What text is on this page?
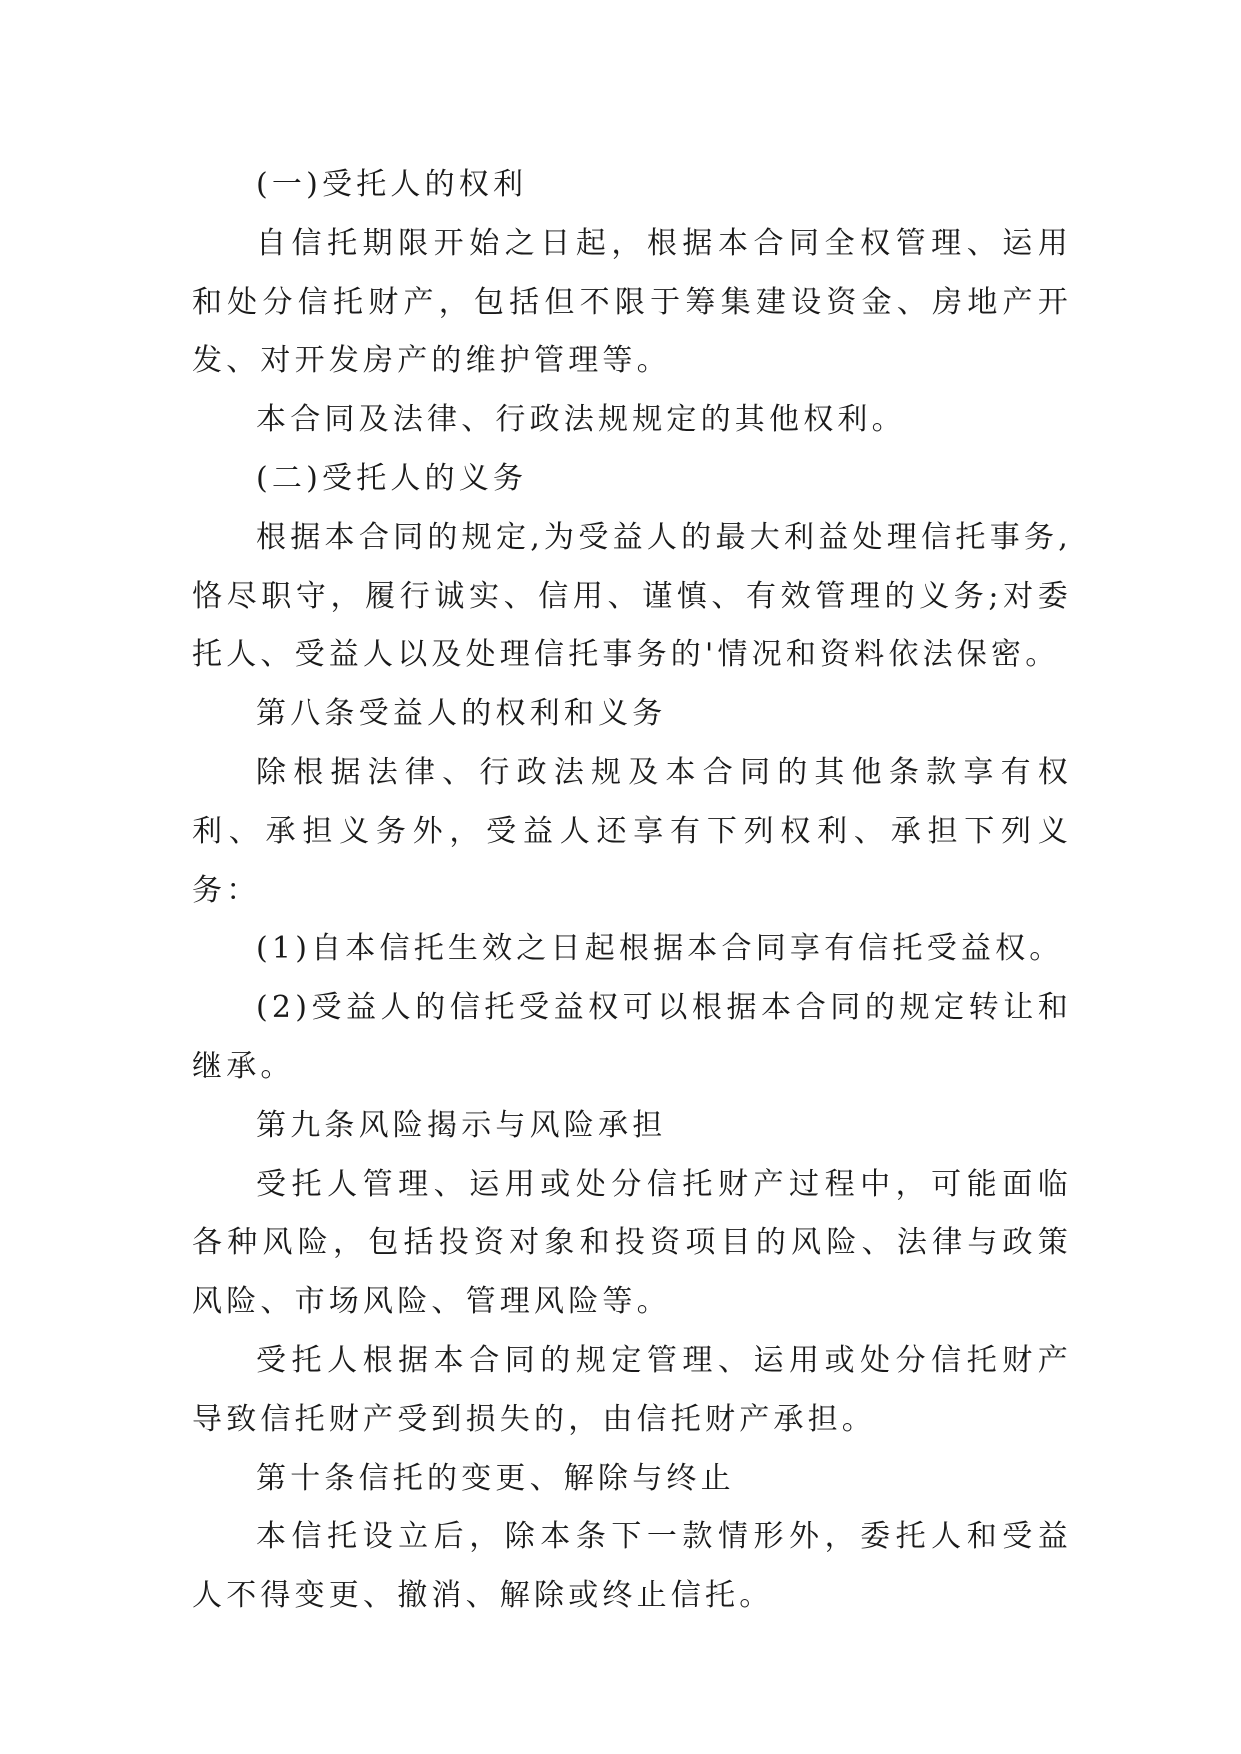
(一)受托人的权利

自信托期限开始之日起，根据本合同全权管理、运用和处分信托财产，包括但不限于筹集建设资金、房地产开发、对开发房产的维护管理等。

本合同及法律、行政法规规定的其他权利。

(二)受托人的义务

根据本合同的规定,为受益人的最大利益处理信托事务,恪尽职守，履行诚实、信用、谨慎、有效管理的义务;对委托人、受益人以及处理信托事务的'情况和资料依法保密。

第八条受益人的权利和义务

除根据法律、行政法规及本合同的其他条款享有权利、承担义务外，受益人还享有下列权利、承担下列义务：

(1)自本信托生效之日起根据本合同享有信托受益权。

(2)受益人的信托受益权可以根据本合同的规定转让和继承。

第九条风险揭示与风险承担

受托人管理、运用或处分信托财产过程中，可能面临各种风险，包括投资对象和投资项目的风险、法律与政策风险、市场风险、管理风险等。

受托人根据本合同的规定管理、运用或处分信托财产导致信托财产受到损失的，由信托财产承担。

第十条信托的变更、解除与终止

本信托设立后，除本条下一款情形外，委托人和受益人不得变更、撤消、解除或终止信托。
